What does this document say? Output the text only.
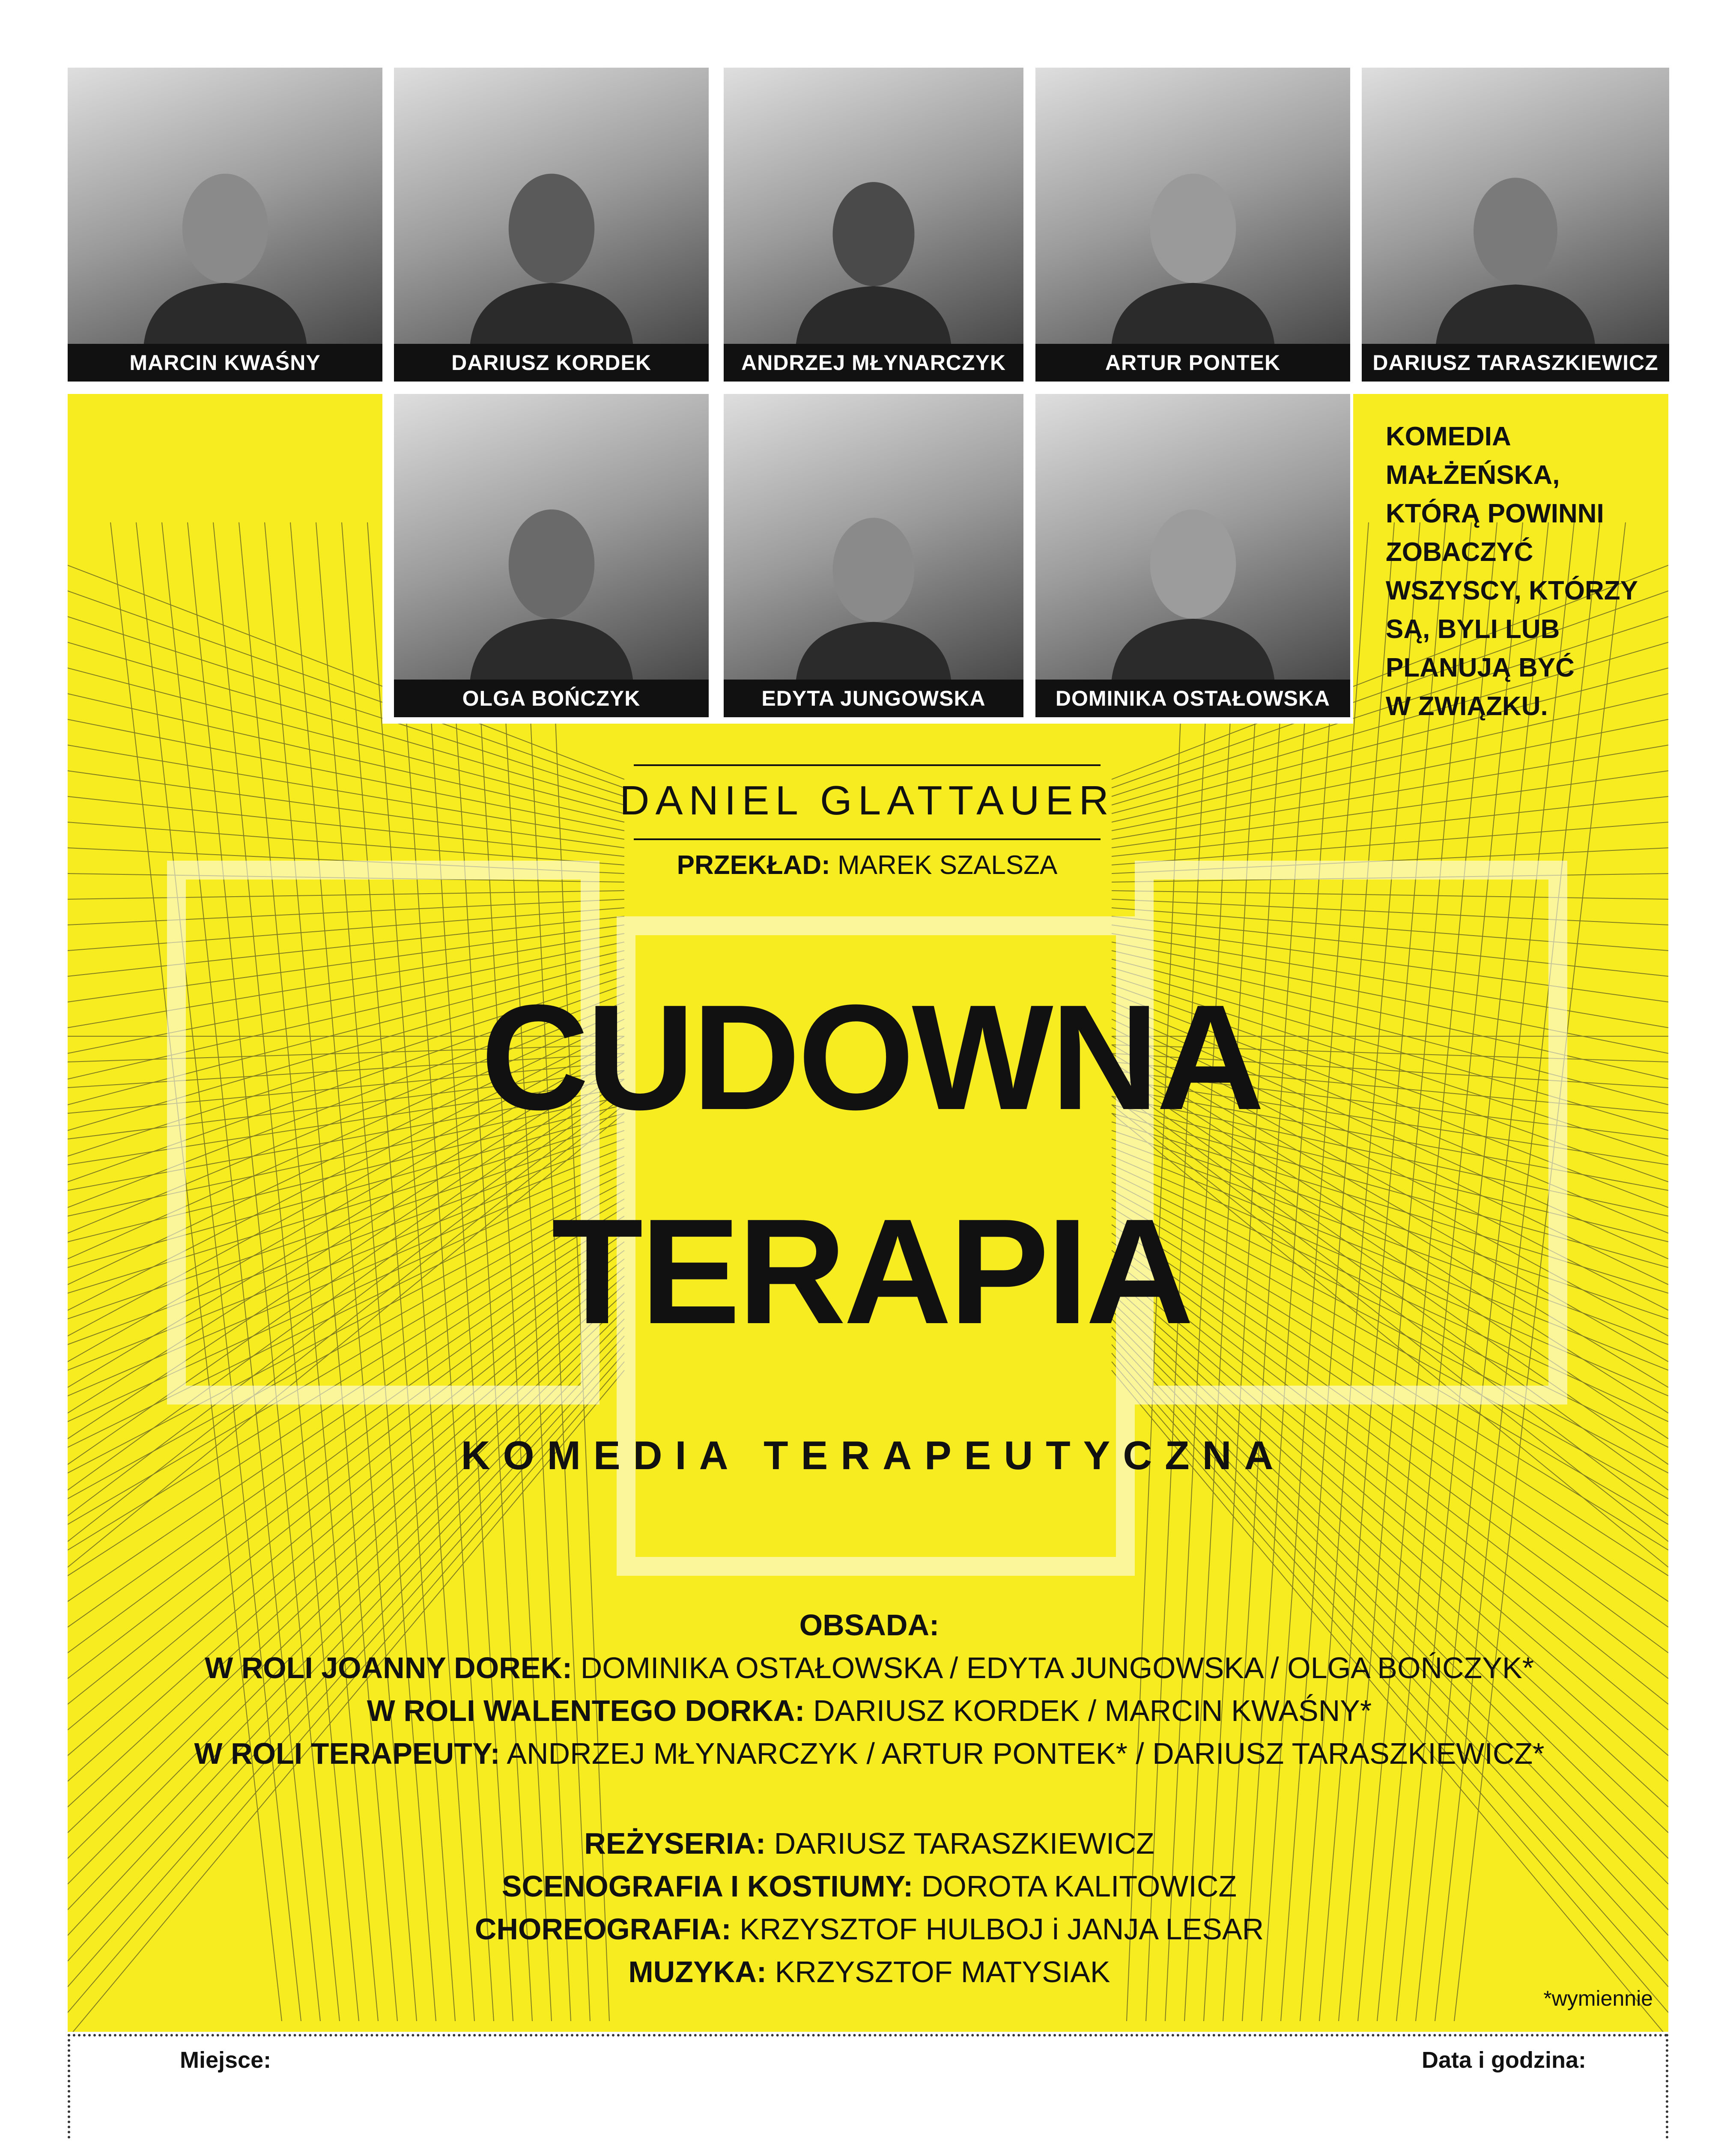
MARCIN KWAŚNY	DARIUSZ KORDEK	ANDRZEJ MŁYNARCZYK	ARTUR PONTEK	DARIUSZ TARASZKIEWICZ
OLGA BOŃCZYK	EDYTA JUNGOWSKA	DOMINIKA OSTAŁOWSKA
KOMEDIA
MAŁŻEŃSKA,
KTÓRĄ POWINNI
ZOBACZYĆ
WSZYSCY, KTÓRZY
SĄ, BYLI LUB
PLANUJĄ BYĆ
W ZWIĄZKU.
DANIEL GLATTAUER
PRZEKŁAD: MAREK SZALSZA
CUDOWNA
TERAPIA
KOMEDIA TERAPEUTYCZNA
OBSADA:
W ROLI JOANNY DOREK: DOMINIKA OSTAŁOWSKA / EDYTA JUNGOWSKA / OLGA BOŃCZYK*
W ROLI WALENTEGO DORKA: DARIUSZ KORDEK / MARCIN KWAŚNY*
W ROLI TERAPEUTY: ANDRZEJ MŁYNARCZYK / ARTUR PONTEK* / DARIUSZ TARASZKIEWICZ*
REŻYSERIA: DARIUSZ TARASZKIEWICZ
SCENOGRAFIA I KOSTIUMY: DOROTA KALITOWICZ
CHOREOGRAFIA: KRZYSZTOF HULBOJ i JANJA LESAR
MUZYKA: KRZYSZTOF MATYSIAK
*wymiennie
Miejsce:	Data i godzina:
